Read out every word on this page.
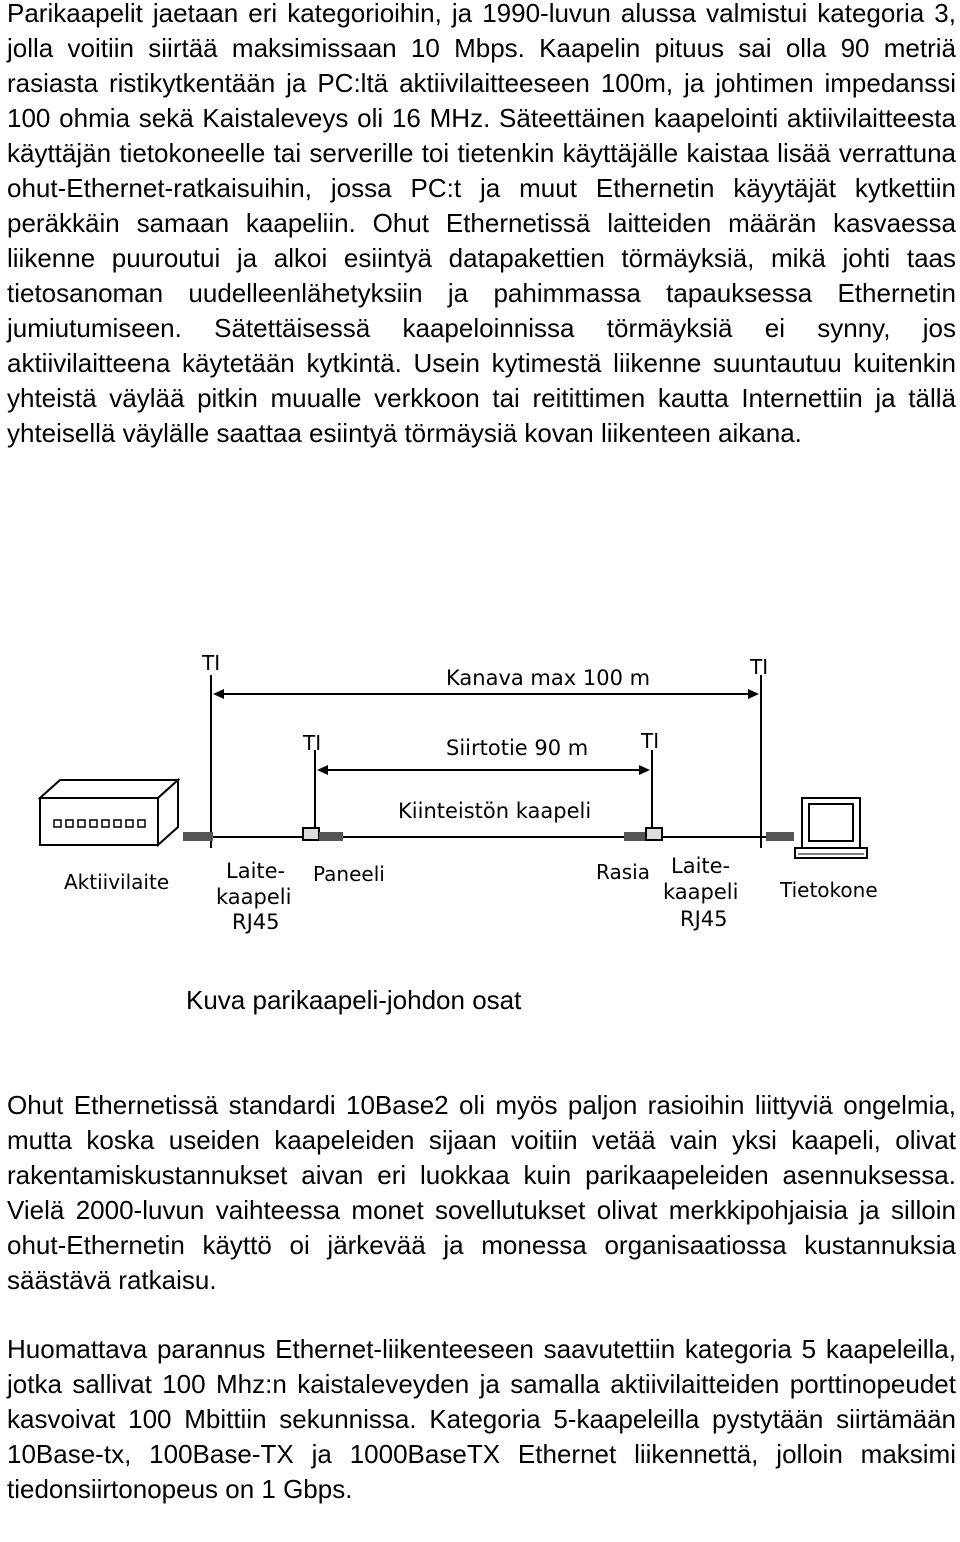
Parikaapelit jaetaan eri kategorioihin, ja 1990-luvun alussa valmistui kategoria 3, jolla voitiin siirtää maksimissaan 10 Mbps. Kaapelin pituus sai olla 90 metriä rasiasta ristikytkentään ja PC:ltä aktiivilaitteeseen 100m, ja johtimen impedanssi 100 ohmia sekä Kaistaleveys oli 16 MHz. Säteettäinen kaapelointi aktiivilaitteesta käyttäjän tietokoneelle tai serverille toi tietenkin käyttäjälle kaistaa lisää verrattuna ohut-Ethernet-ratkaisuihin, jossa PC:t ja muut Ethernetin käyytäjät kytkettiin peräkkäin samaan kaapeliin. Ohut Ethernetissä laitteiden määrän kasvaessa liikenne puuroutui ja alkoi esiintyä datapakettien törmäyksiä, mikä johti taas tietosanoman uudelleenlähetyksiin ja pahimmassa tapauksessa Ethernetin jumiutumiseen. Sätettäisessä kaapeloinnissa törmäyksiä ei synny, jos aktiivilaitteena käytetään kytkintä. Usein kytimestä liikenne suuntautuu kuitenkin yhteistä väylää pitkin muualle verkkoon tai reitittimen kautta Internettiin ja tällä yhteisellä väylälle saattaa esiintyä törmäysiä kovan liikenteen aikana.

TI	TI
TI	TI
Kanava max 100 m
Siirtotie 90 m
Kiinteistön kaapeli
Aktiivilaite	Laite-
kaapeli
RJ45
Paneeli	Rasia Laite-
kaapeli
RJ45
Tietokone

Kuva parikaapeli-johdon osat

Ohut Ethernetissä standardi 10Base2 oli myös paljon rasioihin liittyviä ongelmia, mutta koska useiden kaapeleiden sijaan voitiin vetää vain yksi kaapeli, olivat rakentamiskustannukset aivan eri luokkaa kuin parikaapeleiden asennuksessa. Vielä 2000-luvun vaihteessa monet sovellutukset olivat merkkipohjaisia ja silloin ohut-Ethernetin käyttö oi järkevää ja monessa organisaatiossa kustannuksia säästävä ratkaisu.

Huomattava parannus Ethernet-liikenteeseen saavutettiin kategoria 5 kaapeleilla, jotka sallivat 100 Mhz:n kaistaleveyden ja samalla aktiivilaitteiden porttinopeudet kasvoivat 100 Mbittiin sekunnissa. Kategoria 5-kaapeleilla pystytään siirtämään 10Base-tx, 100Base-TX ja 1000BaseTX Ethernet liikennettä, jolloin maksimi tiedonsiirtonopeus on 1 Gbps.
